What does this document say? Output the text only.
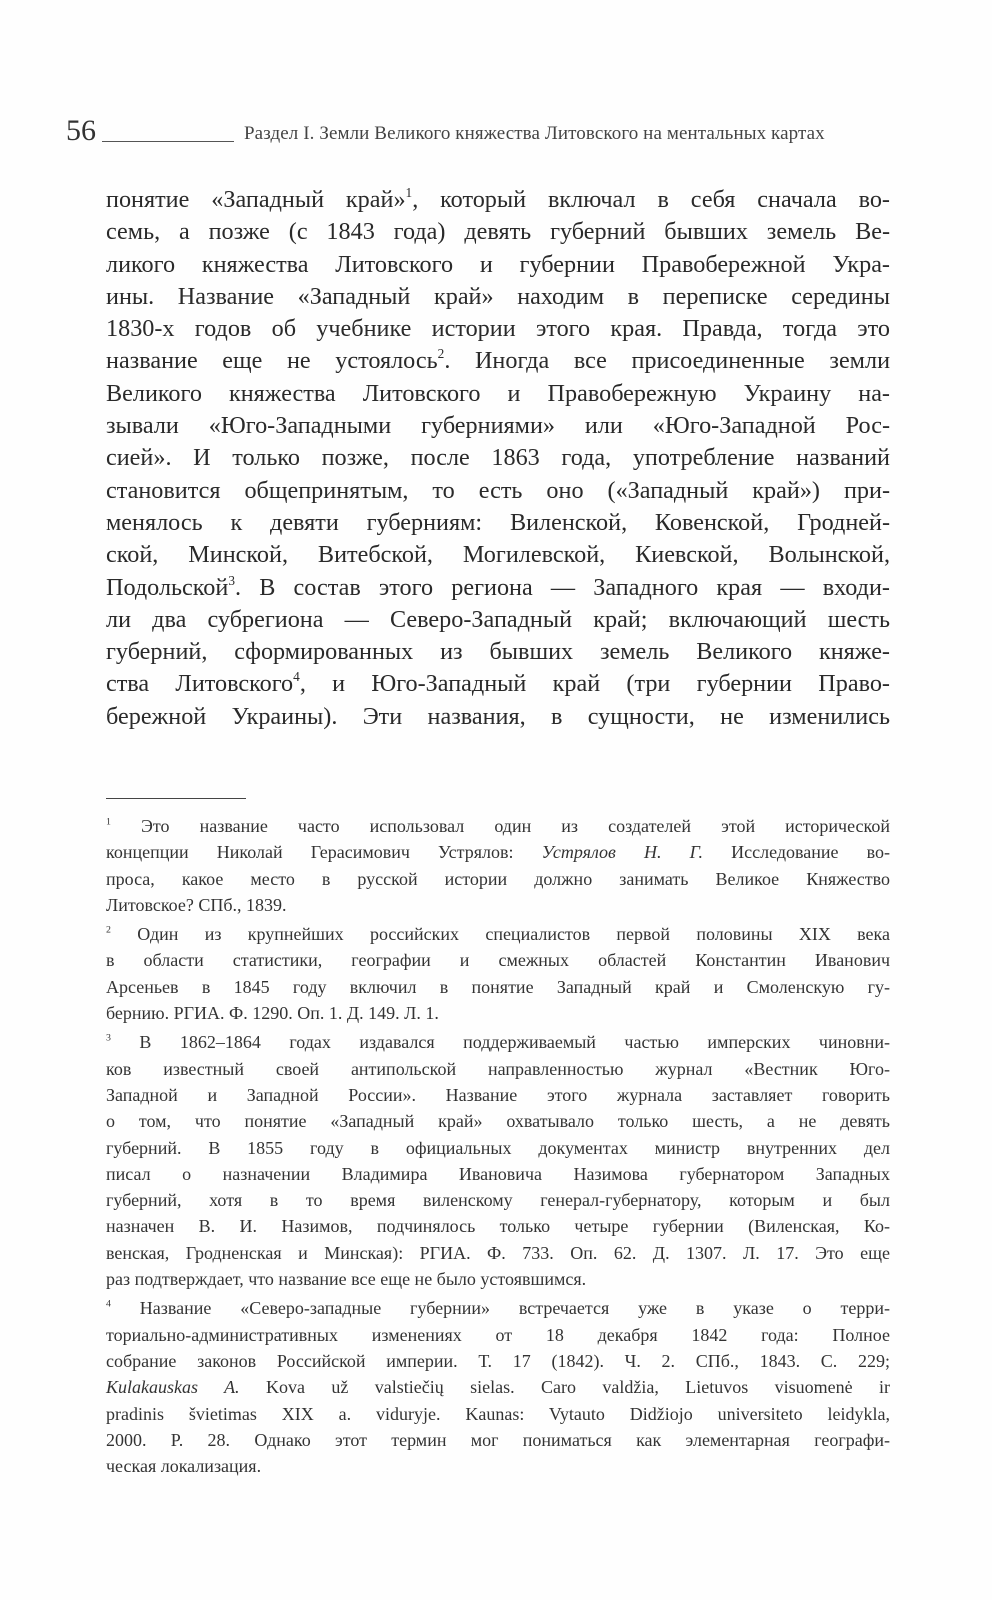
56	Раздел I. Земли Великого княжества Литовского на ментальных картах
понятие «Западный край»$^1$, который включал в себя сначала во-
семь, а позже (с 1843 года) девять губерний бывших земель Ве-
ликого княжества Литовского и губернии Правобережной Укра-
ины. Название «Западный край» находим в переписке середины
1830-х годов об учебнике истории этого края. Правда, тогда это
название еще не устоялось$^2$. Иногда все присоединенные земли
Великого княжества Литовского и Правобережную Украину на-
зывали «Юго-Западными губерниями» или «Юго-Западной Рос-
сией». И только позже, после 1863 года, употребление названий
становится общепринятым, то есть оно («Западный край») при-
менялось к девяти губерниям: Виленской, Ковенской, Гродней-
ской, Минской, Витебской, Могилевской, Киевской, Волынской,
Подольской$^3$. В состав этого региона — Западного края — входи-
ли два субрегиона — Северо-Западный край; включающий шесть
губерний, сформированных из бывших земель Великого княже-
ства Литовского$^4$, и Юго-Западный край (три губернии Право-
бережной Украины). Эти названия, в сущности, не изменились
$^1$ Это название часто использовал один из создателей этой исторической
концепции Николай Герасимович Устрялов: Устрялов Н. Г. Исследование во-
проса, какое место в русской истории должно занимать Великое Княжество
Литовское? СПб., 1839.
$^2$ Один из крупнейших российских специалистов первой половины XIX века
в области статистики, географии и смежных областей Константин Иванович
Арсеньев в 1845 году включил в понятие Западный край и Смоленскую гу-
бернию. РГИА. Ф. 1290. Оп. 1. Д. 149. Л. 1.
$^3$ В 1862–1864 годах издавался поддерживаемый частью имперских чиновни-
ков известный своей антипольской направленностью журнал «Вестник Юго-
Западной и Западной России». Название этого журнала заставляет говорить
о том, что понятие «Западный край» охватывало только шесть, а не девять
губерний. В 1855 году в официальных документах министр внутренних дел
писал о назначении Владимира Ивановича Назимова губернатором Западных
губерний, хотя в то время виленскому генерал-губернатору, которым и был
назначен В. И. Назимов, подчинялось только четыре губернии (Виленская, Ко-
венская, Гродненская и Минская): РГИА. Ф. 733. Оп. 62. Д. 1307. Л. 17. Это еще
раз подтверждает, что название все еще не было устоявшимся.
$^4$ Название «Северо-западные губернии» встречается уже в указе о терри-
ториально-административных изменениях от 18 декабря 1842 года: Полное
собрание законов Российской империи. Т. 17 (1842). Ч. 2. СПб., 1843. С. 229;
Kulakauskas A. Kova už valstiečių sielas. Caro valdžia, Lietuvos visuomenė ir
pradinis švietimas XIX a. viduryje. Kaunas: Vytauto Didžiojo universiteto leidykla,
2000. P. 28. Однако этот термин мог пониматься как элементарная географи-
ческая локализация.
